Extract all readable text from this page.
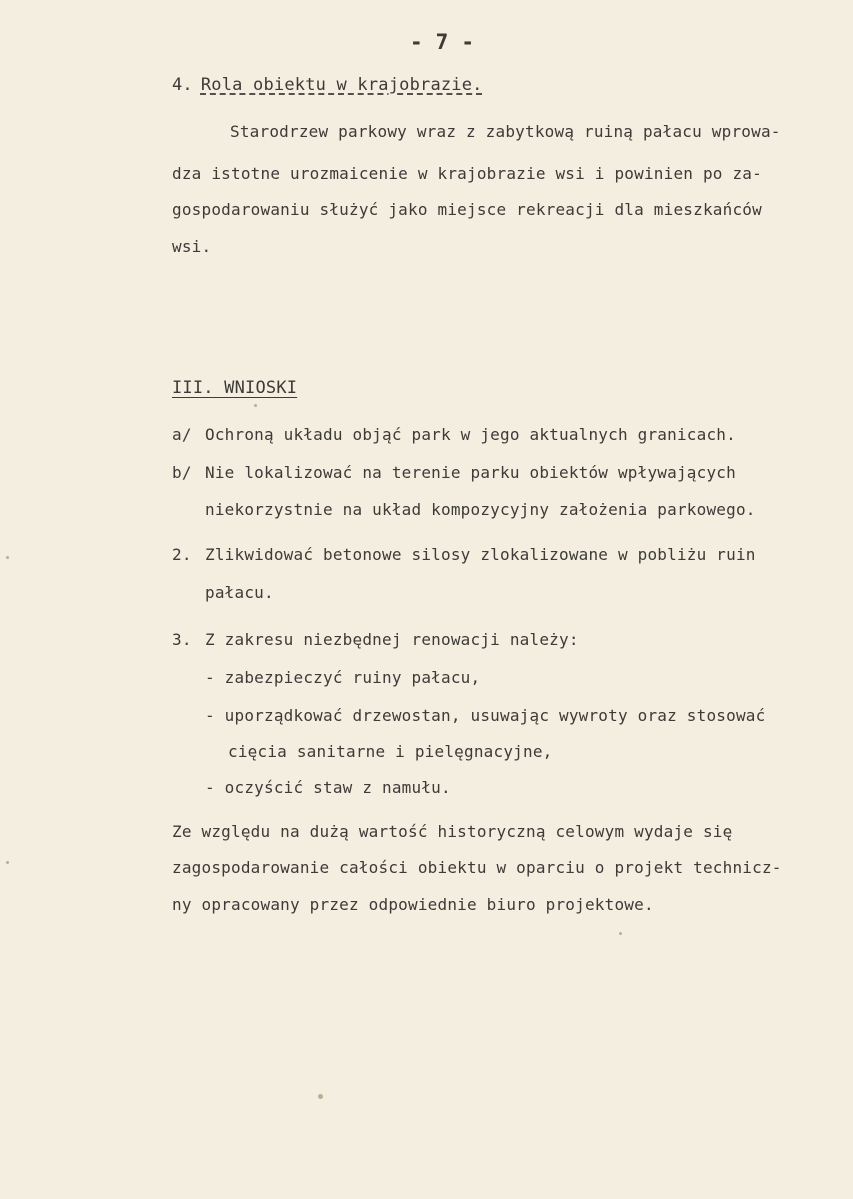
- 7 -
4. Rola obiektu w krajobrazie.
Starodrzew parkowy wraz z zabytkową ruiną pałacu wprowa-
dza istotne urozmaicenie w krajobrazie wsi i powinien po za-
gospodarowaniu służyć jako miejsce rekreacji dla mieszkańców
wsi.
III. WNIOSKI
a/ Ochroną układu objąć park w jego aktualnych granicach.
b/ Nie lokalizować na terenie parku obiektów wpływających
niekorzystnie na układ kompozycyjny założenia parkowego.
2. Zlikwidować betonowe silosy zlokalizowane w pobliżu ruin
pałacu.
3. Z zakresu niezbędnej renowacji należy:
- zabezpieczyć ruiny pałacu,
- uporządkować drzewostan, usuwając wywroty oraz stosować
cięcia sanitarne i pielęgnacyjne,
- oczyścić staw z namułu.
Ze względu na dużą wartość historyczną celowym wydaje się
zagospodarowanie całości obiektu w oparciu o projekt technicz-
ny opracowany przez odpowiednie biuro projektowe.
